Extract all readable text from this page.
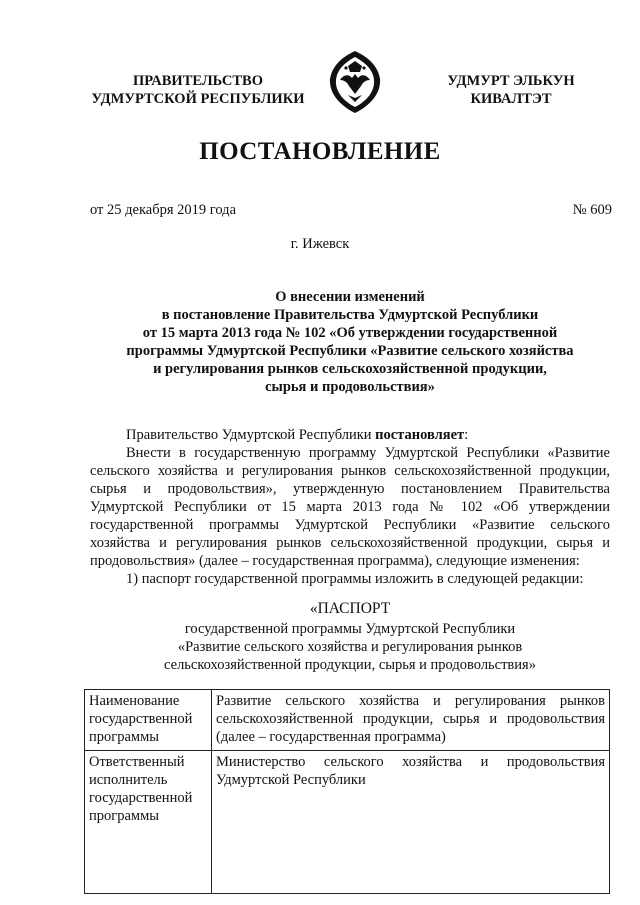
ПРАВИТЕЛЬСТВО
УДМУРТСКОЙ РЕСПУБЛИКИ
УДМУРТ ЭЛЬКУН
КИВАЛТЭТ
ПОСТАНОВЛЕНИЕ
от 25 декабря 2019 года	№ 609
г. Ижевск
О внесении изменений
в постановление Правительства Удмуртской Республики
от 15 марта 2013 года № 102 «Об утверждении государственной
программы Удмуртской Республики «Развитие сельского хозяйства
и регулирования рынков сельскохозяйственной продукции,
сырья и продовольствия»
Правительство Удмуртской Республики постановляет:
Внести в государственную программу Удмуртской Республики «Развитие
сельского хозяйства и регулирования рынков сельскохозяйственной продукции,
сырья и продовольствия», утвержденную постановлением Правительства
Удмуртской Республики от 15 марта 2013 года № 102 «Об утверждении
государственной программы Удмуртской Республики «Развитие сельского
хозяйства и регулирования рынков сельскохозяйственной продукции, сырья и
продовольствия» (далее – государственная программа), следующие изменения:
1) паспорт государственной программы изложить в следующей редакции:
«ПАСПОРТ
государственной программы Удмуртской Республики
«Развитие сельского хозяйства и регулирования рынков
сельскохозяйственной продукции, сырья и продовольствия»
Наименование государственной программы	Развитие сельского хозяйства и регулирования рынков сельскохозяйственной продукции, сырья и продовольствия (далее – государственная программа)
Ответственный исполнитель государственной программы	Министерство сельского хозяйства и продовольствия Удмуртской Республики
